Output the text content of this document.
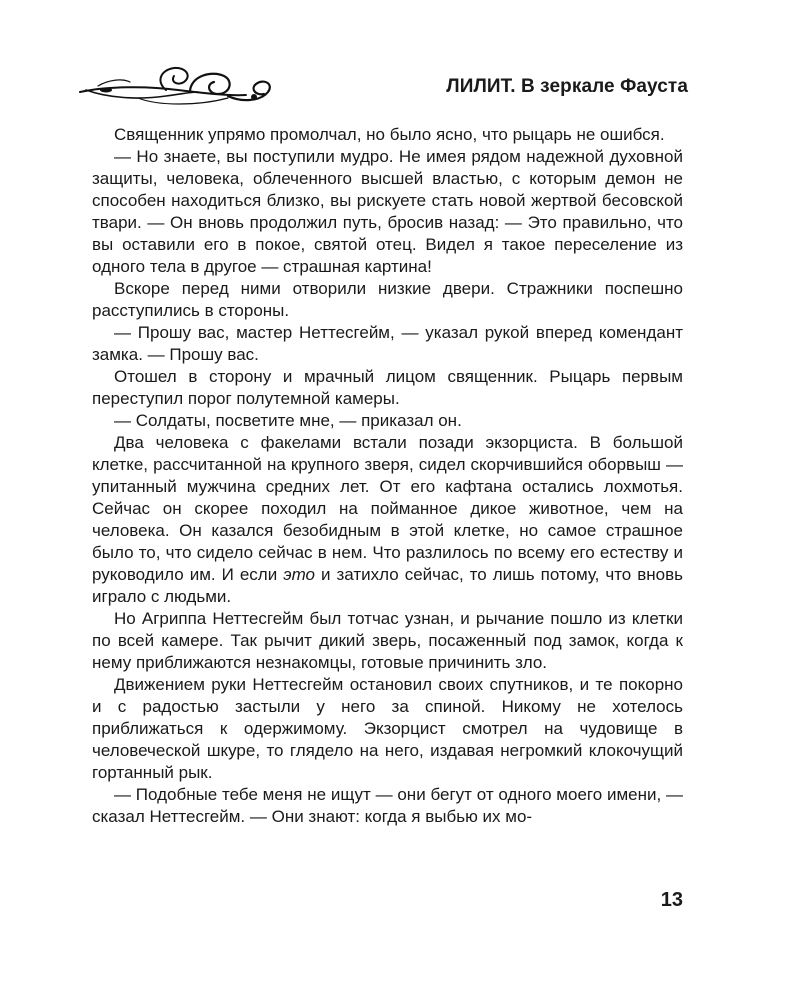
ЛИЛИТ. В зеркале Фауста

Священник упрямо промолчал, но было ясно, что рыцарь не ошибся.

— Но знаете, вы поступили мудро. Не имея рядом надежной духовной защиты, человека, облеченного высшей властью, с которым демон не способен находиться близко, вы рискуете стать новой жертвой бесовской твари. — Он вновь продолжил путь, бросив назад: — Это правильно, что вы оставили его в покое, святой отец. Видел я такое переселение из одного тела в другое — страшная картина!

Вскоре перед ними отворили низкие двери. Стражники поспешно расступились в стороны.

— Прошу вас, мастер Неттесгейм, — указал рукой вперед комендант замка. — Прошу вас.

Отошел в сторону и мрачный лицом священник. Рыцарь первым переступил порог полутемной камеры.

— Солдаты, посветите мне, — приказал он.

Два человека с факелами встали позади экзорциста. В большой клетке, рассчитанной на крупного зверя, сидел скорчившийся оборвыш — упитанный мужчина средних лет. От его кафтана остались лохмотья. Сейчас он скорее походил на пойманное дикое животное, чем на человека. Он казался безобидным в этой клетке, но самое страшное было то, что сидело сейчас в нем. Что разлилось по всему его естеству и руководило им. И если это и затихло сейчас, то лишь потому, что вновь играло с людьми.

Но Агриппа Неттесгейм был тотчас узнан, и рычание пошло из клетки по всей камере. Так рычит дикий зверь, посаженный под замок, когда к нему приближаются незнакомцы, готовые причинить зло.

Движением руки Неттесгейм остановил своих спутников, и те покорно и с радостью застыли у него за спиной. Никому не хотелось приближаться к одержимому. Экзорцист смотрел на чудовище в человеческой шкуре, то глядело на него, издавая негромкий клокочущий гортанный рык.

— Подобные тебе меня не ищут — они бегут от одного моего имени, — сказал Неттесгейм. — Они знают: когда я выбью их мо-

13
